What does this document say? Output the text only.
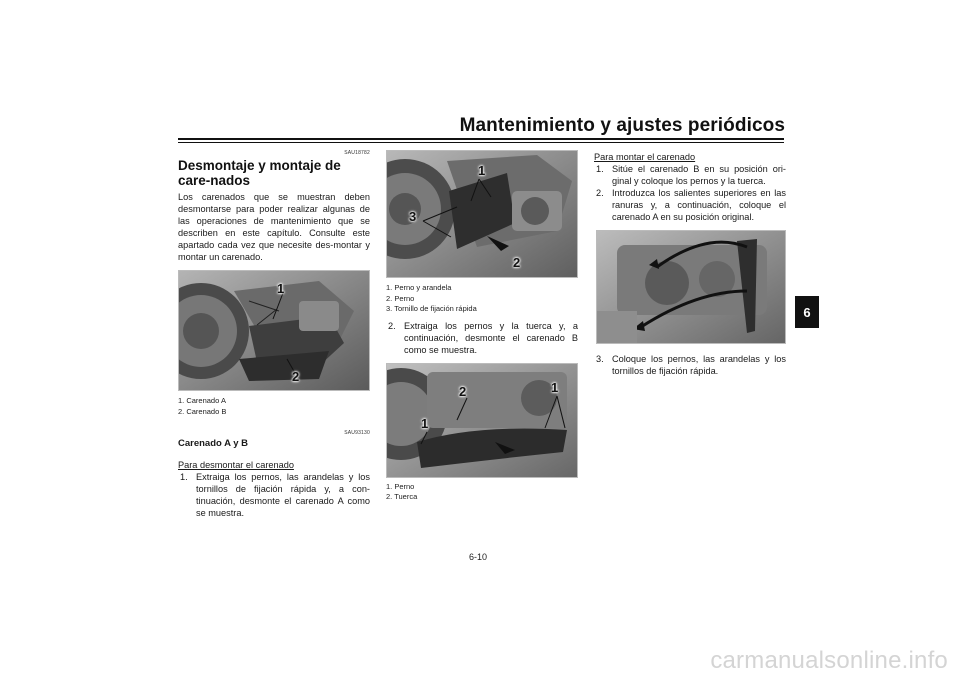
Mantenimiento y ajustes periódicos
6
SAU18782
Desmontaje y montaje de care-nados
Los carenados que se muestran deben desmontarse para poder realizar algunas de las operaciones de mantenimiento que se describen en este capítulo. Consulte este apartado cada vez que necesite des-montar y montar un carenado.
1
2
1. Carenado A
2. Carenado B
SAU93130
Carenado A y B
Para desmontar el carenado
1. Extraiga los pernos, las arandelas y los tornillos de fijación rápida y, a con-tinuación, desmonte el carenado A como se muestra.
1
3
2
1. Perno y arandela
2. Perno
3. Tornillo de fijación rápida
2. Extraiga los pernos y la tuerca y, a continuación, desmonte el carenado B como se muestra.
2	1
1
1. Perno
2. Tuerca
Para montar el carenado
1. Sitúe el carenado B en su posición ori-ginal y coloque los pernos y la tuerca.
2. Introduzca los salientes superiores en las ranuras y, a continuación, coloque el carenado A en su posición original.
3. Coloque los pernos, las arandelas y los tornillos de fijación rápida.
6-10
carmanualsonline.info
